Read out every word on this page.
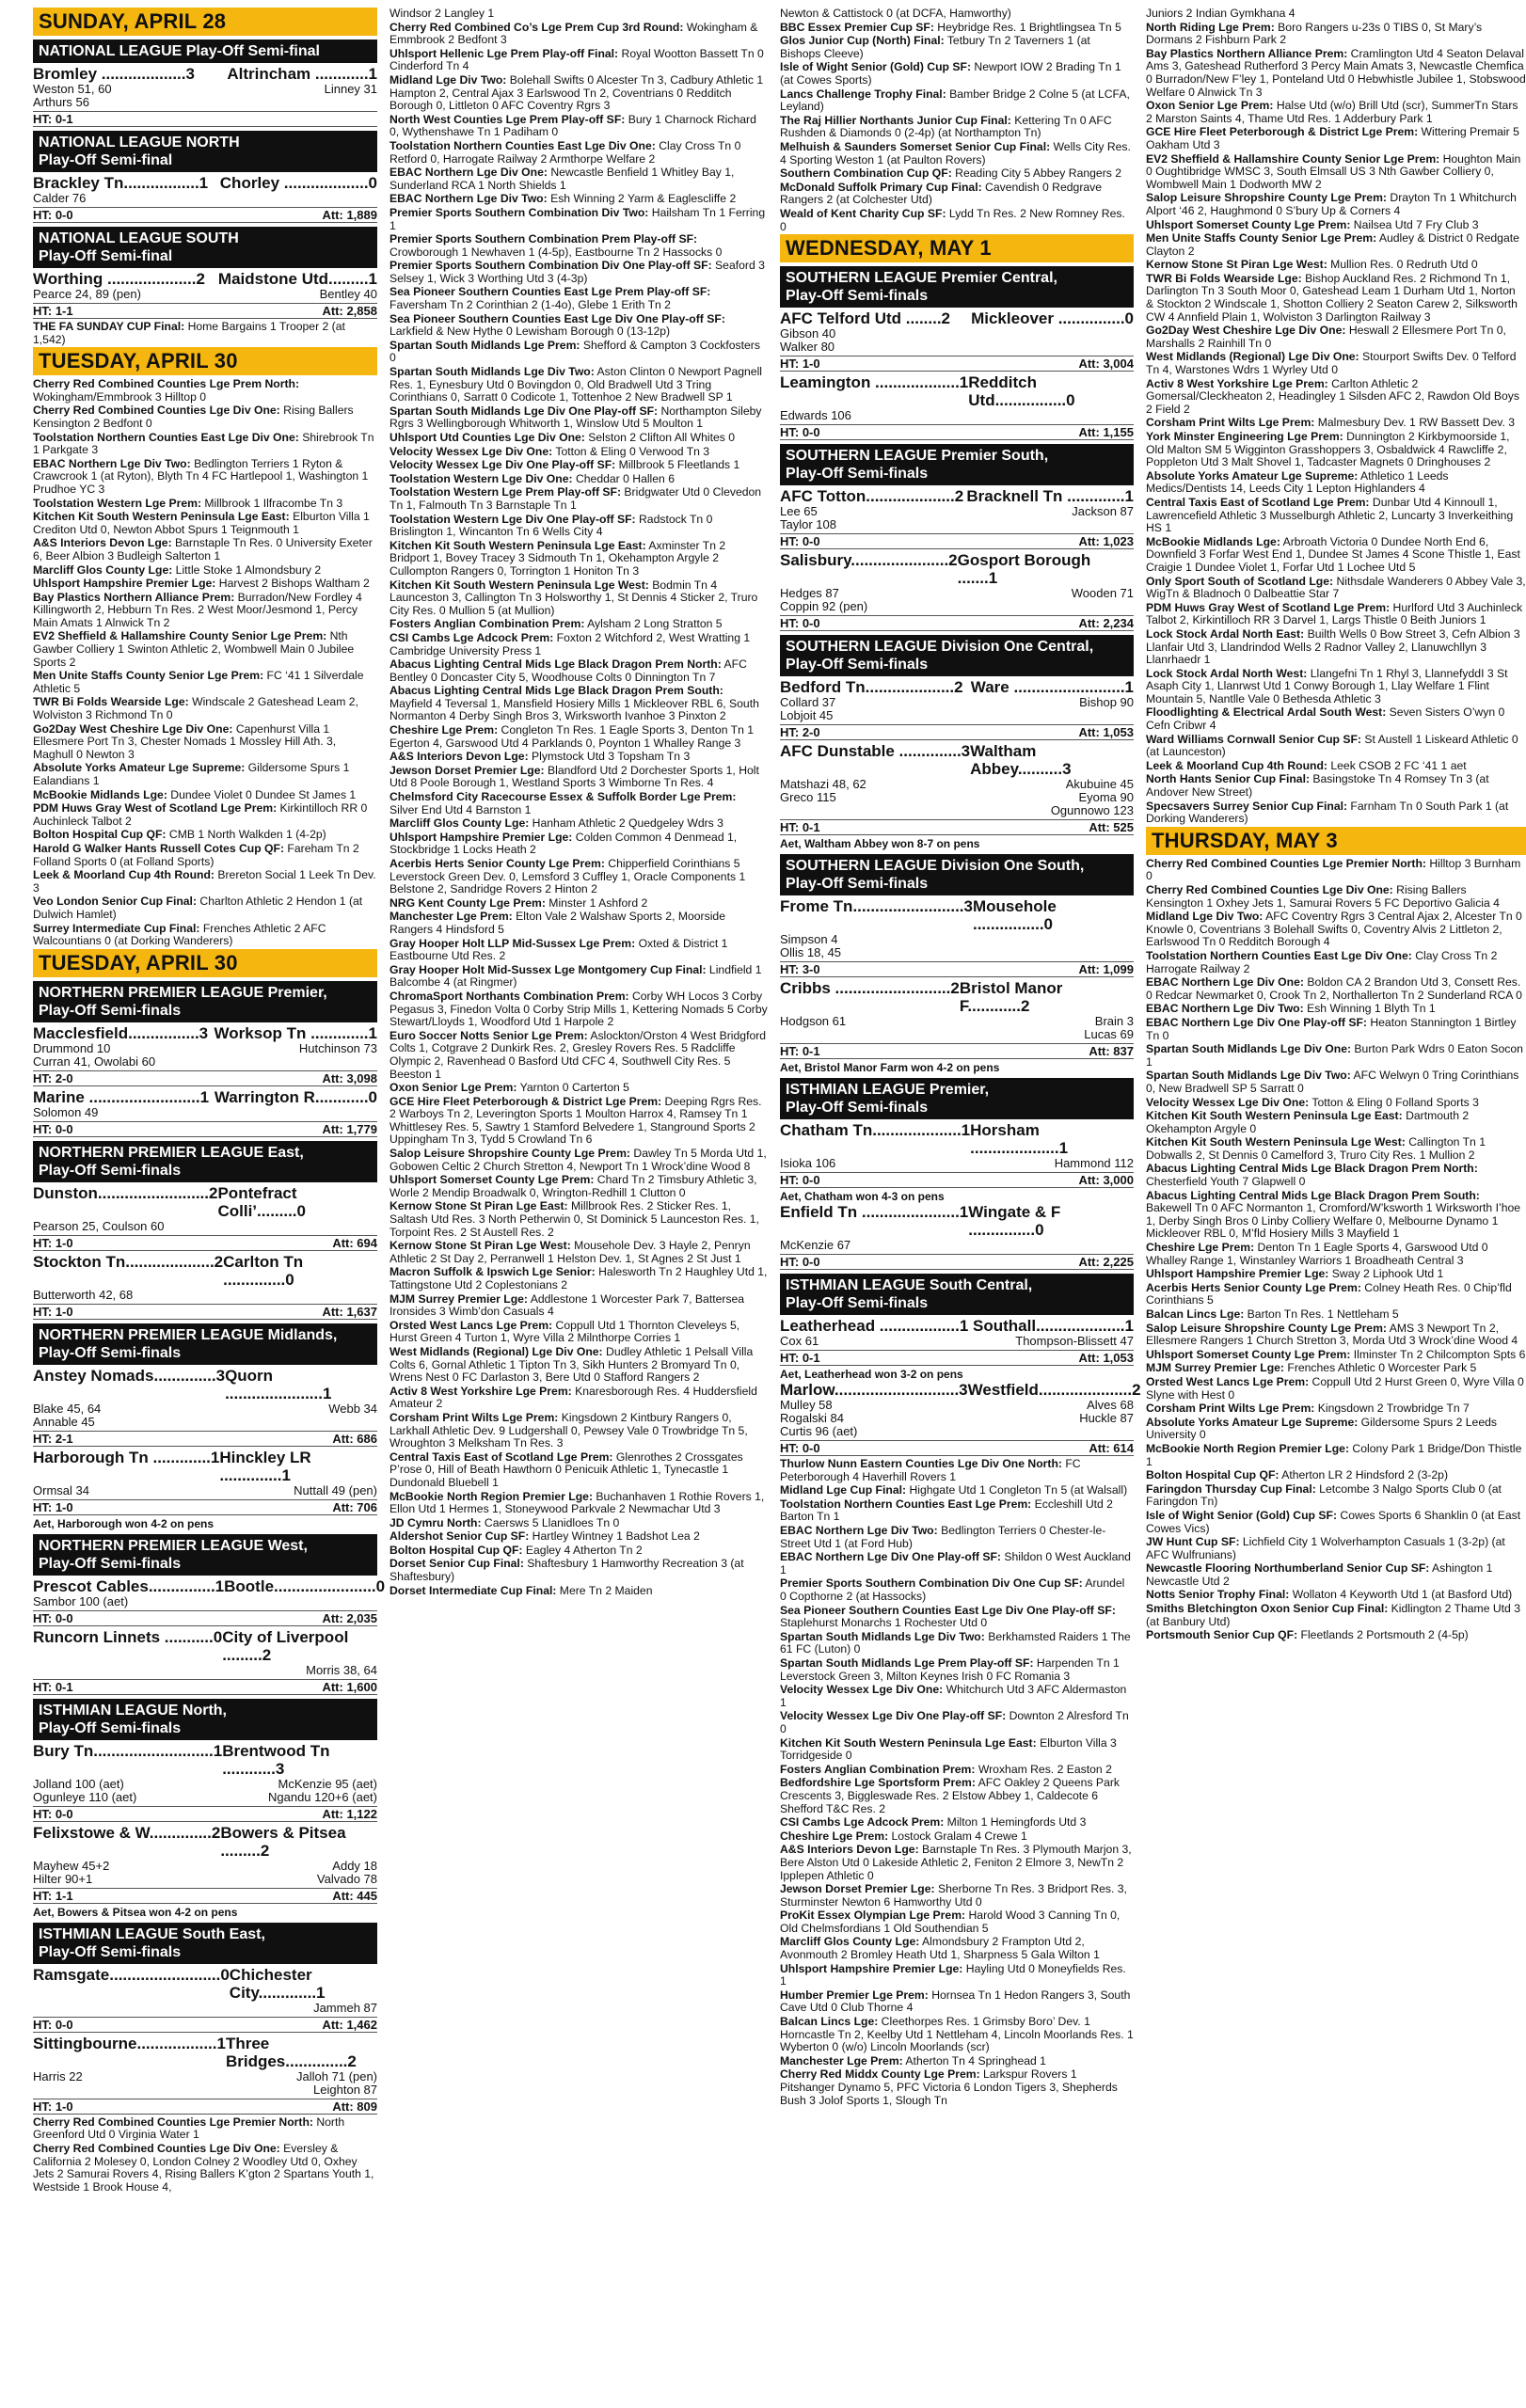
SUNDAY, APRIL 28
NATIONAL LEAGUE Play-Off Semi-final
Bromley ...................3 Altrincham ............1
Weston 51, 60
Arthurs 56
Linney 31
HT: 0-1
NATIONAL LEAGUE NORTH
Play-Off Semi-final
Brackley Tn.................1 Chorley ...................0
Calder 76
HT: 0-0	Att: 1,889
NATIONAL LEAGUE SOUTH
Play-Off Semi-final
Worthing ....................2 Maidstone Utd.........1
Pearce 24, 89 (pen)	Bentley 40
HT: 1-1	Att: 2,858
THE FA SUNDAY CUP Final: Home Bargains 1 Trooper 2 (at 1,542)
TUESDAY, APRIL 30
Cherry Red Combined Counties Lge Prem North: Wokingham/Emmbrook 3 Hilltop 0
Cherry Red Combined Counties Lge Div One: Rising Ballers Kensington 2 Bedfont 0
Toolstation Northern Counties East Lge Div One: Shirebrook Tn 1 Parkgate 3
EBAC Northern Lge Div Two: Bedlington Terriers 1 Ryton & Crawcrook 1 (at Ryton), Blyth Tn 4 FC Hartlepool 1, Washington 1 Prudhoe YC 3
Toolstation Western Lge Prem: Millbrook 1 Ilfracombe Tn 3
Kitchen Kit South Western Peninsula Lge East: Elburton Villa 1 Crediton Utd 0, Newton Abbot Spurs 1 Teignmouth 1
A&S Interiors Devon Lge: Barnstaple Tn Res. 0 University Exeter 6, Beer Albion 3 Budleigh Salterton 1
Marcliff Glos County Lge: Little Stoke 1 Almondsbury 2
Uhlsport Hampshire Premier Lge: Harvest 2 Bishops Waltham 2
Bay Plastics Northern Alliance Prem: Burradon/New Fordley 4 Killingworth 2, Hebburn Tn Res. 2 West Moor/Jesmond 1, Percy Main Amats 1 Alnwick Tn 2
EV2 Sheffield & Hallamshire County Senior Lge Prem: Nth Gawber Colliery 1 Swinton Athletic 2, Wombwell Main 0 Jubilee Sports 2
Men Unite Staffs County Senior Lge Prem: FC ‘41 1 Silverdale Athletic 5
TWR Bi Folds Wearside Lge: Windscale 2 Gateshead Leam 2, Wolviston 3 Richmond Tn 0
Go2Day West Cheshire Lge Div One: Capenhurst Villa 1 Ellesmere Port Tn 3, Chester Nomads 1 Mossley Hill Ath. 3, Maghull 0 Newton 3
Absolute Yorks Amateur Lge Supreme: Gildersome Spurs 1 Ealandians 1
McBookie Midlands Lge: Dundee Violet 0 Dundee St James 1
PDM Huws Gray West of Scotland Lge Prem: Kirkintilloch RR 0 Auchinleck Talbot 2
Bolton Hospital Cup QF: CMB 1 North Walkden 1 (4-2p)
Harold G Walker Hants Russell Cotes Cup QF: Fareham Tn 2 Folland Sports 0 (at Folland Sports)
Leek & Moorland Cup 4th Round: Brereton Social 1 Leek Tn Dev. 3
Veo London Senior Cup Final: Charlton Athletic 2 Hendon 1 (at Dulwich Hamlet)
Surrey Intermediate Cup Final: Frenches Athletic 2 AFC Walcountians 0 (at Dorking Wanderers)
TUESDAY, APRIL 30
NORTHERN PREMIER LEAGUE Premier,
Play-Off Semi-finals
Macclesfield................3 Worksop Tn .............1
Drummond 10
Curran 41, Owolabi 60
Hutchinson 73
HT: 2-0	Att: 3,098
Marine .........................1 Warrington R............0
Solomon 49
HT: 0-0	Att: 1,779
NORTHERN PREMIER LEAGUE East,
Play-Off Semi-finals
Dunston.........................2 Pontefract Colli’.........0
Pearson 25, Coulson 60
HT: 1-0	Att: 694
Stockton Tn....................2 Carlton Tn ..............0
Butterworth 42, 68
HT: 1-0	Att: 1,637
NORTHERN PREMIER LEAGUE Midlands,
Play-Off Semi-finals
Anstey Nomads..............3 Quorn ......................1
Blake 45, 64
Annable 45
Webb 34
HT: 2-1	Att: 686
Harborough Tn .............1 Hinckley LR ..............1
Ormsal 34	Nuttall 49 (pen)
HT: 1-0	Att: 706
Aet, Harborough won 4-2 on pens
NORTHERN PREMIER LEAGUE West,
Play-Off Semi-finals
Prescot Cables...............1 Bootle.......................0
Sambor 100 (aet)
HT: 0-0	Att: 2,035
Runcorn Linnets ...........0 City of Liverpool .........2
Morris 38, 64
HT: 0-1	Att: 1,600
ISTHMIAN LEAGUE North,
Play-Off Semi-finals
Bury Tn...........................1 Brentwood Tn ............3
Jolland 100 (aet)
Ogunleye 110 (aet)
McKenzie 95 (aet)
Ngandu 120+6 (aet)
HT: 0-0	Att: 1,122
Felixstowe & W..............2 Bowers & Pitsea .........2
Mayhew 45+2
Hilter 90+1
Addy 18
Valvado 78
HT: 1-1	Att: 445
Aet, Bowers & Pitsea won 4-2 on pens
ISTHMIAN LEAGUE South East,
Play-Off Semi-finals
Ramsgate.........................0 Chichester City.............1
Jammeh 87
HT: 0-0	Att: 1,462
Sittingbourne..................1 Three Bridges..............2
Harris 22	Jalloh 71 (pen)
Leighton 87
HT: 1-0	Att: 809
Cherry Red Combined Counties Lge Premier North: North Greenford Utd 0 Virginia Water 1
Cherry Red Combined Counties Lge Div One: Eversley & California 2 Molesey 0, London Colney 2 Woodley Utd 0, Oxhey Jets 2 Samurai Rovers 4, Rising Ballers K’gton 2 Spartans Youth 1, Westside 1 Brook House 4,
Windsor 2 Langley 1
Cherry Red Combined Co’s Lge Prem Cup 3rd Round: Wokingham & Emmbrook 2 Bedfont 3
Uhlsport Hellenic Lge Prem Play-off Final: Royal Wootton Bassett Tn 0 Cinderford Tn 4
Midland Lge Div Two: Bolehall Swifts 0 Alcester Tn 3, Cadbury Athletic 1 Hampton 2, Central Ajax 3 Earlswood Tn 2, Coventrians 0 Redditch Borough 0, Littleton 0 AFC Coventry Rgrs 3
North West Counties Lge Prem Play-off SF: Bury 1 Charnock Richard 0, Wythenshawe Tn 1 Padiham 0
Toolstation Northern Counties East Lge Div One: Clay Cross Tn 0 Retford 0, Harrogate Railway 2 Armthorpe Welfare 2
EBAC Northern Lge Div One: Newcastle Benfield 1 Whitley Bay 1, Sunderland RCA 1 North Shields 1
EBAC Northern Lge Div Two: Esh Winning 2 Yarm & Eaglescliffe 2
Premier Sports Southern Combination Div Two: Hailsham Tn 1 Ferring 1
Premier Sports Southern Combination Prem Play-off SF: Crowborough 1 Newhaven 1 (4-5p), Eastbourne Tn 2 Hassocks 0
Premier Sports Southern Combination Div One Play-off SF: Seaford 3 Selsey 1, Wick 3 Worthing Utd 3 (4-3p)
Sea Pioneer Southern Counties East Lge Prem Play-off SF: Faversham Tn 2 Corinthian 2 (1-4o), Glebe 1 Erith Tn 2
Sea Pioneer Southern Counties East Lge Div One Play-off SF: Larkfield & New Hythe 0 Lewisham Borough 0 (13-12p)
Spartan South Midlands Lge Prem: Shefford & Campton 3 Cockfosters 0
Spartan South Midlands Lge Div Two: Aston Clinton 0 Newport Pagnell Res. 1, Eynesbury Utd 0 Bovingdon 0, Old Bradwell Utd 3 Tring Corinthians 0, Sarratt 0 Codicote 1, Tottenhoe 2 New Bradwell SP 1
Spartan South Midlands Lge Div One Play-off SF: Northampton Sileby Rgrs 3 Wellingborough Whitworth 1, Winslow Utd 5 Moulton 1
Uhlsport Utd Counties Lge Div One: Selston 2 Clifton All Whites 0
Velocity Wessex Lge Div One: Totton & Eling 0 Verwood Tn 3
Velocity Wessex Lge Div One Play-off SF: Millbrook 5 Fleetlands 1
Toolstation Western Lge Div One: Cheddar 0 Hallen 6
Toolstation Western Lge Prem Play-off SF: Bridgwater Utd 0 Clevedon Tn 1, Falmouth Tn 3 Barnstaple Tn 1
Toolstation Western Lge Div One Play-off SF: Radstock Tn 0 Brislington 1, Wincanton Tn 6 Wells City 4
Kitchen Kit South Western Peninsula Lge East: Axminster Tn 2 Bridport 1, Bovey Tracey 3 Sidmouth Tn 1, Okehampton Argyle 2 Cullompton Rangers 0, Torrington 1 Honiton Tn 3
Kitchen Kit South Western Peninsula Lge West: Bodmin Tn 4 Launceston 3, Callington Tn 3 Holsworthy 1, St Dennis 4 Sticker 2, Truro City Res. 0 Mullion 5 (at Mullion)
Fosters Anglian Combination Prem: Aylsham 2 Long Stratton 5
CSI Cambs Lge Adcock Prem: Foxton 2 Witchford 2, West Wratting 1 Cambridge University Press 1
Abacus Lighting Central Mids Lge Black Dragon Prem North: AFC Bentley 0 Doncaster City 5, Woodhouse Colts 0 Dinnington Tn 7
Abacus Lighting Central Mids Lge Black Dragon Prem South: Mayfield 4 Teversal 1, Mansfield Hosiery Mills 1 Mickleover RBL 6, South Normanton 4 Derby Singh Bros 3, Wirksworth Ivanhoe 3 Pinxton 2
Cheshire Lge Prem: Congleton Tn Res. 1 Eagle Sports 3, Denton Tn 1 Egerton 4, Garswood Utd 4 Parklands 0, Poynton 1 Whalley Range 3
A&S Interiors Devon Lge: Plymstock Utd 3 Topsham Tn 3
Jewson Dorset Premier Lge: Blandford Utd 2 Dorchester Sports 1, Holt Utd 8 Poole Borough 1, Westland Sports 3 Wimborne Tn Res. 4
Chelmsford City Racecourse Essex & Suffolk Border Lge Prem: Silver End Utd 4 Barnston 1
Marcliff Glos County Lge: Hanham Athletic 2 Quedgeley Wdrs 3
Uhlsport Hampshire Premier Lge: Colden Common 4 Denmead 1, Stockbridge 1 Locks Heath 2
Acerbis Herts Senior County Lge Prem: Chipperfield Corinthians 5 Leverstock Green Dev. 0, Lemsford 3 Cuffley 1, Oracle Components 1 Belstone 2, Sandridge Rovers 2 Hinton 2
NRG Kent County Lge Prem: Minster 1 Ashford 2
Manchester Lge Prem: Elton Vale 2 Walshaw Sports 2, Moorside Rangers 4 Hindsford 5
Gray Hooper Holt LLP Mid-Sussex Lge Prem: Oxted & District 1 Eastbourne Utd Res. 2
Gray Hooper Holt Mid-Sussex Lge Montgomery Cup Final: Lindfield 1 Balcombe 4 (at Ringmer)
ChromaSport Northants Combination Prem: Corby WH Locos 3 Corby Pegasus 3, Finedon Volta 0 Corby Strip Mills 1, Kettering Nomads 5 Corby Stewart/Lloyds 1, Woodford Utd 1 Harpole 2
Euro Soccer Notts Senior Lge Prem: Aslockton/Orston 4 West Bridgford Colts 1, Cotgrave 2 Dunkirk Res. 2, Gresley Rovers Res. 5 Radcliffe Olympic 2, Ravenhead 0 Basford Utd CFC 4, Southwell City Res. 5 Beeston 1
Oxon Senior Lge Prem: Yarnton 0 Carterton 5
GCE Hire Fleet Peterborough & District Lge Prem: Deeping Rgrs Res. 2 Warboys Tn 2, Leverington Sports 1 Moulton Harrox 4, Ramsey Tn 1 Whittlesey Res. 5, Sawtry 1 Stamford Belvedere 1, Stanground Sports 2 Uppingham Tn 3, Tydd 5 Crowland Tn 6
Salop Leisure Shropshire County Lge Prem: Dawley Tn 5 Morda Utd 1, Gobowen Celtic 2 Church Stretton 4, Newport Tn 1 Wrock’dine Wood 8
Uhlsport Somerset County Lge Prem: Chard Tn 2 Timsbury Athletic 3, Worle 2 Mendip Broadwalk 0, Wrington-Redhill 1 Clutton 0
Kernow Stone St Piran Lge East: Millbrook Res. 2 Sticker Res. 1, Saltash Utd Res. 3 North Petherwin 0, St Dominick 5 Launceston Res. 1, Torpoint Res. 2 St Austell Res. 2
Kernow Stone St Piran Lge West: Mousehole Dev. 3 Hayle 2, Penryn Athletic 2 St Day 2, Perranwell 1 Helston Dev. 1, St Agnes 2 St Just 1
Macron Suffolk & Ipswich Lge Senior: Halesworth Tn 2 Haughley Utd 1, Tattingstone Utd 2 Coplestonians 2
MJM Surrey Premier Lge: Addlestone 1 Worcester Park 7, Battersea Ironsides 3 Wimb’don Casuals 4
Orsted West Lancs Lge Prem: Coppull Utd 1 Thornton Cleveleys 5, Hurst Green 4 Turton 1, Wyre Villa 2 Milnthorpe Corries 1
West Midlands (Regional) Lge Div One: Dudley Athletic 1 Pelsall Villa Colts 6, Gornal Athletic 1 Tipton Tn 3, Sikh Hunters 2 Bromyard Tn 0, Wrens Nest 0 FC Darlaston 3, Bere Utd 0 Stafford Rangers 2
Activ 8 West Yorkshire Lge Prem: Knaresborough Res. 4 Huddersfield Amateur 2
Corsham Print Wilts Lge Prem: Kingsdown 2 Kintbury Rangers 0, Larkhall Athletic Dev. 9 Ludgershall 0, Pewsey Vale 0 Trowbridge Tn 5, Wroughton 3 Melksham Tn Res. 3
Central Taxis East of Scotland Lge Prem: Glenrothes 2 Crossgates P’rose 0, Hill of Beath Hawthorn 0 Penicuik Athletic 1, Tynecastle 1 Dundonald Bluebell 1
McBookie North Region Premier Lge: Buchanhaven 1 Rothie Rovers 1, Ellon Utd 1 Hermes 1, Stoneywood Parkvale 2 Newmachar Utd 3
JD Cymru North: Caersws 5 Llanidloes Tn 0
Aldershot Senior Cup SF: Hartley Wintney 1 Badshot Lea 2
Bolton Hospital Cup QF: Eagley 4 Atherton Tn 2
Dorset Senior Cup Final: Shaftesbury 1 Hamworthy Recreation 3 (at Shaftesbury)
Dorset Intermediate Cup Final: Mere Tn 2 Maiden
Newton & Cattistock 0 (at DCFA, Hamworthy)
BBC Essex Premier Cup SF: Heybridge Res. 1 Brightlingsea Tn 5
Glos Junior Cup (North) Final: Tetbury Tn 2 Taverners 1 (at Bishops Cleeve)
Isle of Wight Senior (Gold) Cup SF: Newport IOW 2 Brading Tn 1 (at Cowes Sports)
Lancs Challenge Trophy Final: Bamber Bridge 2 Colne 5 (at LCFA, Leyland)
The Raj Hillier Northants Junior Cup Final: Kettering Tn 0 AFC Rushden & Diamonds 0 (2-4p) (at Northampton Tn)
Melhuish & Saunders Somerset Senior Cup Final: Wells City Res. 4 Sporting Weston 1 (at Paulton Rovers)
Southern Combination Cup QF: Reading City 5 Abbey Rangers 2
McDonald Suffolk Primary Cup Final: Cavendish 0 Redgrave Rangers 2 (at Colchester Utd)
Weald of Kent Charity Cup SF: Lydd Tn Res. 2 New Romney Res. 0
WEDNESDAY, MAY 1
SOUTHERN LEAGUE Premier Central,
Play-Off Semi-finals
AFC Telford Utd ........2 Mickleover ...............0
Gibson 40
Walker 80
HT: 1-0	Att: 3,004
Leamington ...................1 Redditch Utd................0
Edwards 106
HT: 0-0	Att: 1,155
SOUTHERN LEAGUE Premier South,
Play-Off Semi-finals
AFC Totton....................2 Bracknell Tn .............1
Lee 65
Taylor 108
Jackson 87
HT: 0-0	Att: 1,023
Salisbury......................2 Gosport Borough .......1
Hedges 87
Coppin 92 (pen)
Wooden 71
HT: 0-0	Att: 2,234
SOUTHERN LEAGUE Division One Central,
Play-Off Semi-finals
Bedford Tn....................2 Ware .........................1
Collard 37
Lobjoit 45
Bishop 90
HT: 2-0	Att: 1,053
AFC Dunstable ..............3 Waltham Abbey..........3
Matshazi 48, 62
Greco 115
Akubuine 45
Eyoma 90
Ogunnowo 123
HT: 0-1	Att: 525
Aet, Waltham Abbey won 8-7 on pens
SOUTHERN LEAGUE Division One South,
Play-Off Semi-finals
Frome Tn.........................3 Mousehole ................0
Simpson 4
Ollis 18, 45
HT: 3-0	Att: 1,099
Cribbs ..........................2 Bristol Manor F............2
Hodgson 61	Brain 3
Lucas 69
HT: 0-1	Att: 837
Aet, Bristol Manor Farm won 4-2 on pens
ISTHMIAN LEAGUE Premier,
Play-Off Semi-finals
Chatham Tn....................1 Horsham ....................1
Isioka 106	Hammond 112
HT: 0-0	Att: 3,000
Aet, Chatham won 4-3 on pens
Enfield Tn ......................1 Wingate & F ...............0
McKenzie 67
HT: 0-0	Att: 2,225
ISTHMIAN LEAGUE South Central,
Play-Off Semi-finals
Leatherhead ..................1 Southall....................1
Cox 61	Thompson-Blissett 47
HT: 0-1	Att: 1,053
Aet, Leatherhead won 3-2 on pens
Marlow............................3 Westfield.....................2
Mulley 58
Rogalski 84
Curtis 96 (aet)
Alves 68
Huckle 87
HT: 0-0	Att: 614
Thurlow Nunn Eastern Counties Lge Div One North: FC Peterborough 4 Haverhill Rovers 1
Midland Lge Cup Final: Highgate Utd 1 Congleton Tn 5 (at Walsall)
Toolstation Northern Counties East Lge Prem: Eccleshill Utd 2 Barton Tn 1
EBAC Northern Lge Div Two: Bedlington Terriers 0 Chester-le-Street Utd 1 (at Ford Hub)
EBAC Northern Lge Div One Play-off SF: Shildon 0 West Auckland 1
Premier Sports Southern Combination Div One Cup SF: Arundel 0 Copthorne 2 (at Hassocks)
Sea Pioneer Southern Counties East Lge Div One Play-off SF: Staplehurst Monarchs 1 Rochester Utd 0
Spartan South Midlands Lge Div Two: Berkhamsted Raiders 1 The 61 FC (Luton) 0
Spartan South Midlands Lge Prem Play-off SF: Harpenden Tn 1 Leverstock Green 3, Milton Keynes Irish 0 FC Romania 3
Velocity Wessex Lge Div One: Whitchurch Utd 3 AFC Aldermaston 1
Velocity Wessex Lge Div One Play-off SF: Downton 2 Alresford Tn 0
Kitchen Kit South Western Peninsula Lge East: Elburton Villa 3 Torridgeside 0
Fosters Anglian Combination Prem: Wroxham Res. 2 Easton 2
Bedfordshire Lge Sportsform Prem: AFC Oakley 2 Queens Park Crescents 3, Biggleswade Res. 2 Elstow Abbey 1, Caldecote 6 Shefford T&C Res. 2
CSI Cambs Lge Adcock Prem: Milton 1 Hemingfords Utd 3
Cheshire Lge Prem: Lostock Gralam 4 Crewe 1
A&S Interiors Devon Lge: Barnstaple Tn Res. 3 Plymouth Marjon 3, Bere Alston Utd 0 Lakeside Athletic 2, Feniton 2 Elmore 3, NewTn 2 Ipplepen Athletic 0
Jewson Dorset Premier Lge: Sherborne Tn Res. 3 Bridport Res. 3, Sturminster Newton 6 Hamworthy Utd 0
ProKit Essex Olympian Lge Prem: Harold Wood 3 Canning Tn 0, Old Chelmsfordians 1 Old Southendian 5
Marcliff Glos County Lge: Almondsbury 2 Frampton Utd 2, Avonmouth 2 Bromley Heath Utd 1, Sharpness 5 Gala Wilton 1
Uhlsport Hampshire Premier Lge: Hayling Utd 0 Moneyfields Res. 1
Humber Premier Lge Prem: Hornsea Tn 1 Hedon Rangers 3, South Cave Utd 0 Club Thorne 4
Balcan Lincs Lge: Cleethorpes Res. 1 Grimsby Boro’ Dev. 1 Horncastle Tn 2, Keelby Utd 1 Nettleham 4, Lincoln Moorlands Res. 1 Wyberton 0 (w/o) Lincoln Moorlands (scr)
Manchester Lge Prem: Atherton Tn 4 Springhead 1
Cherry Red Middx County Lge Prem: Larkspur Rovers 1 Pitshanger Dynamo 5, PFC Victoria 6 London Tigers 3, Shepherds Bush 3 Jolof Sports 1, Slough Tn
Juniors 2 Indian Gymkhana 4
North Riding Lge Prem: Boro Rangers u-23s 0 TIBS 0, St Mary’s Dormans 2 Fishburn Park 2
Bay Plastics Northern Alliance Prem: Cramlington Utd 4 Seaton Delaval Ams 3, Gateshead Rutherford 3 Percy Main Amats 3, Newcastle Chemfica 0 Burradon/New F’ley 1, Ponteland Utd 0 Hebwhistle Jubilee 1, Stobswood Welfare 0 Alnwick Tn 3
Oxon Senior Lge Prem: Halse Utd (w/o) Brill Utd (scr), SummerTn Stars 2 Marston Saints 4, Thame Utd Res. 1 Adderbury Park 1
GCE Hire Fleet Peterborough & District Lge Prem: Wittering Premair 5 Oakham Utd 3
EV2 Sheffield & Hallamshire County Senior Lge Prem: Houghton Main 0 Oughtibridge WMSC 3, South Elmsall US 3 Nth Gawber Colliery 0, Wombwell Main 1 Dodworth MW 2
Salop Leisure Shropshire County Lge Prem: Drayton Tn 1 Whitchurch Alport ‘46 2, Haughmond 0 S’bury Up & Corners 4
Uhlsport Somerset County Lge Prem: Nailsea Utd 7 Fry Club 3
Men Unite Staffs County Senior Lge Prem: Audley & District 0 Redgate Clayton 2
Kernow Stone St Piran Lge West: Mullion Res. 0 Redruth Utd 0
TWR Bi Folds Wearside Lge: Bishop Auckland Res. 2 Richmond Tn 1, Darlington Tn 3 South Moor 0, Gateshead Leam 1 Durham Utd 1, Norton & Stockton 2 Windscale 1, Shotton Colliery 2 Seaton Carew 2, Silksworth CW 4 Annfield Plain 1, Wolviston 3 Darlington Railway 3
Go2Day West Cheshire Lge Div One: Heswall 2 Ellesmere Port Tn 0, Marshalls 2 Rainhill Tn 0
West Midlands (Regional) Lge Div One: Stourport Swifts Dev. 0 Telford Tn 4, Warstones Wdrs 1 Wyrley Utd 0
Activ 8 West Yorkshire Lge Prem: Carlton Athletic 2 Gomersal/Cleckheaton 2, Headingley 1 Silsden AFC 2, Rawdon Old Boys 2 Field 2
Corsham Print Wilts Lge Prem: Malmesbury Dev. 1 RW Bassett Dev. 3
York Minster Engineering Lge Prem: Dunnington 2 Kirkbymoorside 1, Old Malton SM 5 Wigginton Grasshoppers 3, Osbaldwick 4 Rawcliffe 2, Poppleton Utd 3 Malt Shovel 1, Tadcaster Magnets 0 Dringhouses 2
Absolute Yorks Amateur Lge Supreme: Athletico 1 Leeds Medics/Dentists 14, Leeds City 1 Lepton Highlanders 4
Central Taxis East of Scotland Lge Prem: Dunbar Utd 4 Kinnoull 1, Lawrencefield Athletic 3 Musselburgh Athletic 2, Luncarty 3 Inverkeithing HS 1
McBookie Midlands Lge: Arbroath Victoria 0 Dundee North End 6, Downfield 3 Forfar West End 1, Dundee St James 4 Scone Thistle 1, East Craigie 1 Dundee Violet 1, Forfar Utd 1 Lochee Utd 5
Only Sport South of Scotland Lge: Nithsdale Wanderers 0 Abbey Vale 3, WigTn & Bladnoch 0 Dalbeattie Star 7
PDM Huws Gray West of Scotland Lge Prem: Hurlford Utd 3 Auchinleck Talbot 2, Kirkintilloch RR 3 Darvel 1, Largs Thistle 0 Beith Juniors 1
Lock Stock Ardal North East: Builth Wells 0 Bow Street 3, Cefn Albion 3 Llanfair Utd 3, Llandrindod Wells 2 Radnor Valley 2, Llanuwchllyn 3 Llanrhaedr 1
Lock Stock Ardal North West: Llangefni Tn 1 Rhyl 3, LlannefyddI 3 St Asaph City 1, Llanrwst Utd 1 Conwy Borough 1, Llay Welfare 1 Flint Mountain 5, Nantlle Vale 0 Bethesda Athletic 3
Floodlighting & Electrical Ardal South West: Seven Sisters O’wyn 0 Cefn Cribwr 4
Ward Williams Cornwall Senior Cup SF: St Austell 1 Liskeard Athletic 0 (at Launceston)
Leek & Moorland Cup 4th Round: Leek CSOB 2 FC ‘41 1 aet
North Hants Senior Cup Final: Basingstoke Tn 4 Romsey Tn 3 (at Andover New Street)
Specsavers Surrey Senior Cup Final: Farnham Tn 0 South Park 1 (at Dorking Wanderers)
THURSDAY, MAY 3
Cherry Red Combined Counties Lge Premier North: Hilltop 3 Burnham 0
Cherry Red Combined Counties Lge Div One: Rising Ballers Kensington 1 Oxhey Jets 1, Samurai Rovers 5 FC Deportivo Galicia 4
Midland Lge Div Two: AFC Coventry Rgrs 3 Central Ajax 2, Alcester Tn 0 Knowle 0, Coventrians 3 Bolehall Swifts 0, Coventry Alvis 2 Littleton 2, Earlswood Tn 0 Redditch Borough 4
Toolstation Northern Counties East Lge Div One: Clay Cross Tn 2 Harrogate Railway 2
EBAC Northern Lge Div One: Boldon CA 2 Brandon Utd 3, Consett Res. 0 Redcar Newmarket 0, Crook Tn 2, Northallerton Tn 2 Sunderland RCA 0
EBAC Northern Lge Div Two: Esh Winning 1 Blyth Tn 1
EBAC Northern Lge Div One Play-off SF: Heaton Stannington 1 Birtley Tn 0
Spartan South Midlands Lge Div One: Burton Park Wdrs 0 Eaton Socon 1
Spartan South Midlands Lge Div Two: AFC Welwyn 0 Tring Corinthians 0, New Bradwell SP 5 Sarratt 0
Velocity Wessex Lge Div One: Totton & Eling 0 Folland Sports 3
Kitchen Kit South Western Peninsula Lge East: Dartmouth 2 Okehampton Argyle 0
Kitchen Kit South Western Peninsula Lge West: Callington Tn 1 Dobwalls 2, St Dennis 0 Camelford 3, Truro City Res. 1 Mullion 2
Abacus Lighting Central Mids Lge Black Dragon Prem North: Chesterfield Youth 7 Glapwell 0
Abacus Lighting Central Mids Lge Black Dragon Prem South: Bakewell Tn 0 AFC Normanton 1, Cromford/W’ksworth 1 Wirksworth I’hoe 1, Derby Singh Bros 0 Linby Colliery Welfare 0, Melbourne Dynamo 1 Mickleover RBL 0, M’fld Hosiery Mills 3 Mayfield 1
Cheshire Lge Prem: Denton Tn 1 Eagle Sports 4, Garswood Utd 0 Whalley Range 1, Winstanley Warriors 1 Broadheath Central 3
Uhlsport Hampshire Premier Lge: Sway 2 Liphook Utd 1
Acerbis Herts Senior County Lge Prem: Colney Heath Res. 0 Chip’fld Corinthians 5
Balcan Lincs Lge: Barton Tn Res. 1 Nettleham 5
Salop Leisure Shropshire County Lge Prem: AMS 3 Newport Tn 2, Ellesmere Rangers 1 Church Stretton 3, Morda Utd 3 Wrock’dine Wood 4
Uhlsport Somerset County Lge Prem: Ilminster Tn 2 Chilcompton Spts 6
MJM Surrey Premier Lge: Frenches Athletic 0 Worcester Park 5
Orsted West Lancs Lge Prem: Coppull Utd 2 Hurst Green 0, Wyre Villa 0 Slyne with Hest 0
Corsham Print Wilts Lge Prem: Kingsdown 2 Trowbridge Tn 7
Absolute Yorks Amateur Lge Supreme: Gildersome Spurs 2 Leeds University 0
McBookie North Region Premier Lge: Colony Park 1 Bridge/Don Thistle 1
Bolton Hospital Cup QF: Atherton LR 2 Hindsford 2 (3-2p)
Faringdon Thursday Cup Final: Letcombe 3 Nalgo Sports Club 0 (at Faringdon Tn)
Isle of Wight Senior (Gold) Cup SF: Cowes Sports 6 Shanklin 0 (at East Cowes Vics)
JW Hunt Cup SF: Lichfield City 1 Wolverhampton Casuals 1 (3-2p) (at AFC Wulfrunians)
Newcastle Flooring Northumberland Senior Cup SF: Ashington 1 Newcastle Utd 2
Notts Senior Trophy Final: Wollaton 4 Keyworth Utd 1 (at Basford Utd)
Smiths Bletchington Oxon Senior Cup Final: Kidlington 2 Thame Utd 3 (at Banbury Utd)
Portsmouth Senior Cup QF: Fleetlands 2 Portsmouth 2 (4-5p)
